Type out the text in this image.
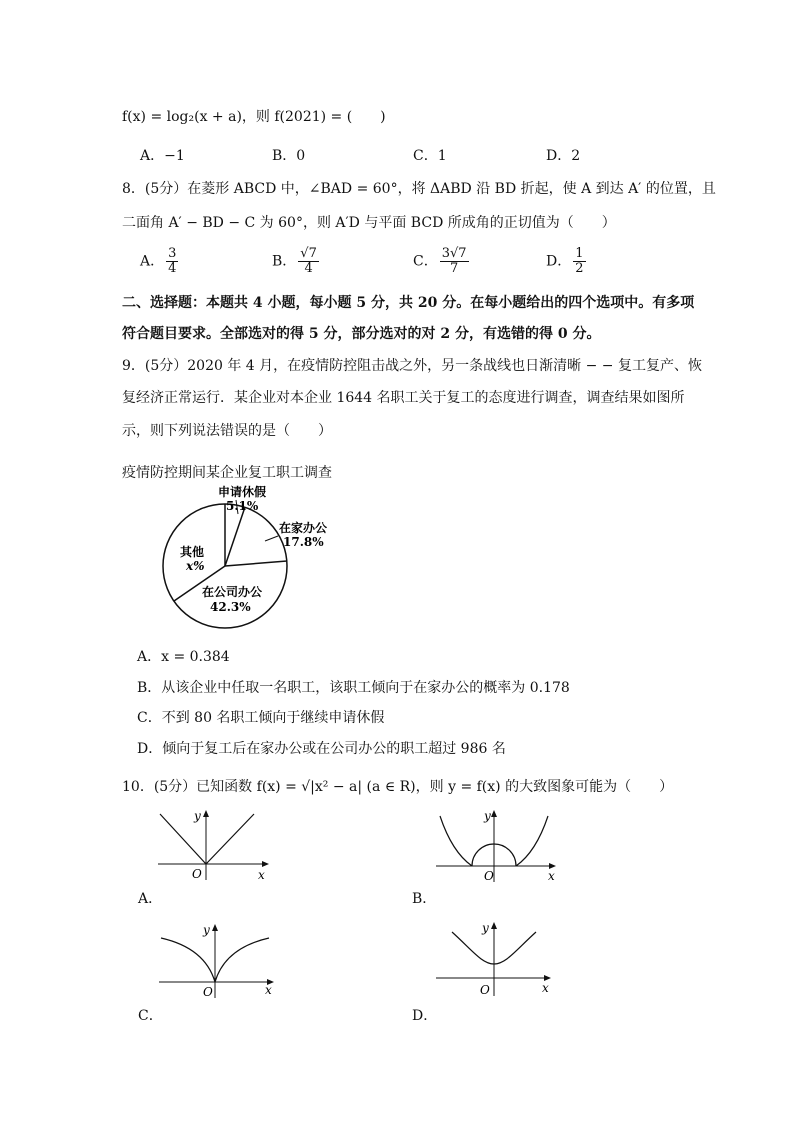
f(x) = log₂(x + a)，则 f(2021) = (　　)
A．−1	B．0	C．1	D．2
8．(5分）在菱形 ABCD 中，∠BAD = 60°，将 ΔABD 沿 BD 折起，使 A 到达 A′ 的位置，且
二面角 A′ − BD − C 为 60°，则 A′D 与平面 BCD 所成角的正切值为（　　）
A． $\frac{3}{4}$	B． $\frac{√7}{4}$	C． $\frac{3√7}{7}$	D． $\frac{1}{2}$
二、选择题：本题共 4 小题，每小题 5 分，共 20 分。在每小题给出的四个选项中。有多项
符合题目要求。全部选对的得 5 分，部分选对的对 2 分，有选错的得 0 分。
9．(5分）2020 年 4 月，在疫情防控阻击战之外，另一条战线也日渐清晰 − − 复工复产、恢
复经济正常运行．某企业对本企业 1644 名职工关于复工的态度进行调查，调查结果如图所
示，则下列说法错误的是（　　）
疫情防控期间某企业复工职工调查
申请休假
5.1%
在家办公
17.8%
在公司办公
42.3%
其他
x%
A．x = 0.384
B．从该企业中任取一名职工，该职工倾向于在家办公的概率为 0.178
C．不到 80 名职工倾向于继续申请休假
D．倾向于复工后在家办公或在公司办公的职工超过 986 名
10．(5分）已知函数 f(x) = √|x² − a| (a ∈ R)，则 y = f(x) 的大致图象可能为（　　）
y
x
O
A．
y
x
O
B．
y
x
O
C．
y
x
O
D．
